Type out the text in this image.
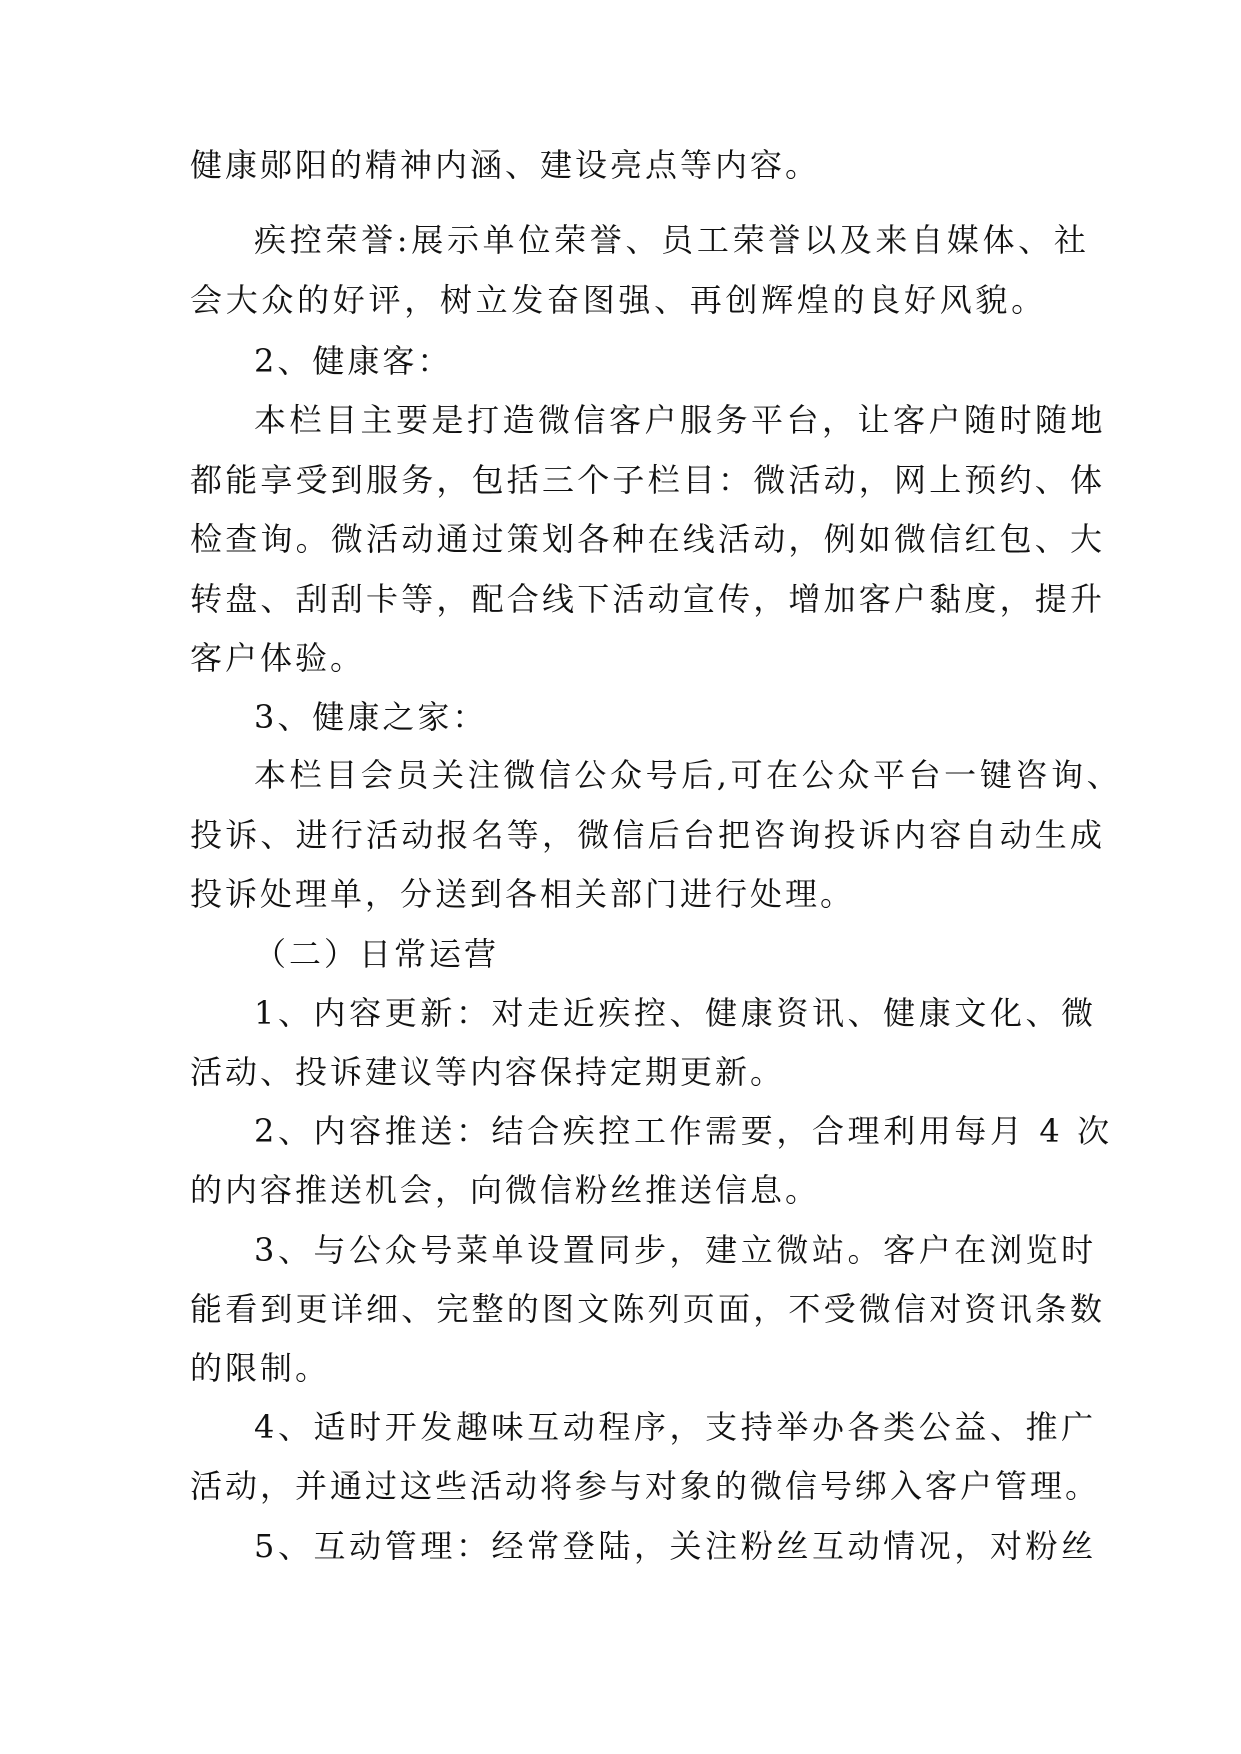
健康郧阳的精神内涵、建设亮点等内容。
疾控荣誉:展示单位荣誉、员工荣誉以及来自媒体、社
会大众的好评，树立发奋图强、再创辉煌的良好风貌。
2、健康客：
本栏目主要是打造微信客户服务平台，让客户随时随地
都能享受到服务，包括三个子栏目：微活动，网上预约、体
检查询。微活动通过策划各种在线活动，例如微信红包、大
转盘、刮刮卡等，配合线下活动宣传，增加客户黏度，提升
客户体验。
3、健康之家：
本栏目会员关注微信公众号后,可在公众平台一键咨询、
投诉、进行活动报名等，微信后台把咨询投诉内容自动生成
投诉处理单，分送到各相关部门进行处理。
（二）日常运营
1、内容更新：对走近疾控、健康资讯、健康文化、微
活动、投诉建议等内容保持定期更新。
2、内容推送：结合疾控工作需要，合理利用每月 4 次
的内容推送机会，向微信粉丝推送信息。
3、与公众号菜单设置同步，建立微站。客户在浏览时
能看到更详细、完整的图文陈列页面，不受微信对资讯条数
的限制。
4、适时开发趣味互动程序，支持举办各类公益、推广
活动，并通过这些活动将参与对象的微信号绑入客户管理。
5、互动管理：经常登陆，关注粉丝互动情况，对粉丝
